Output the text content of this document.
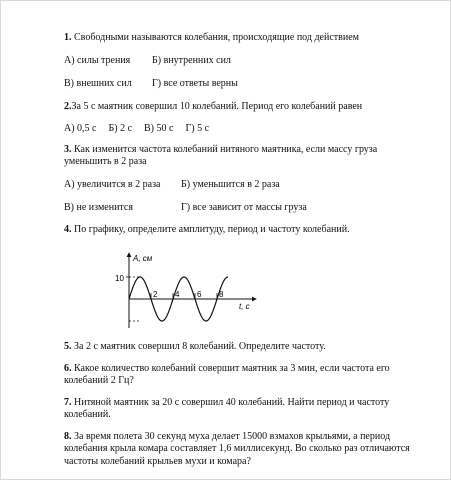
1. Свободными называются колебания, происходящие под действием

А) силы трения	Б) внутренних сил
В) внешних сил	Г) все ответы верны

2.За 5 с маятник совершил 10 колебаний. Период его колебаний равен

А) 0,5 с Б) 2 с В) 50 с Г) 5 с

3. Как изменится частота колебаний нитяного маятника, если массу груза уменьшить в 2 раза

А) увеличится в 2 раза	Б) уменьшится в 2 раза
В) не изменится	Г) все зависит от массы груза

4. По графику, определите амплитуду, период и частоту колебаний.

A, см
t, c
10
2 4 6 8

5. За 2 с маятник совершил 8 колебаний. Определите частоту.

6. Какое количество колебаний совершит маятник за 3 мин, если частота его колебаний 2 Гц?

7. Нитяной маятник за 20 с совершил 40 колебаний. Найти период и частоту колебаний.

8. За время полета 30 секунд муха делает 15000 взмахов крыльями, а период колебания крыла комара составляет 1,6 миллисекунд. Во сколько раз отличаются частоты колебаний крыльев мухи и комара?
